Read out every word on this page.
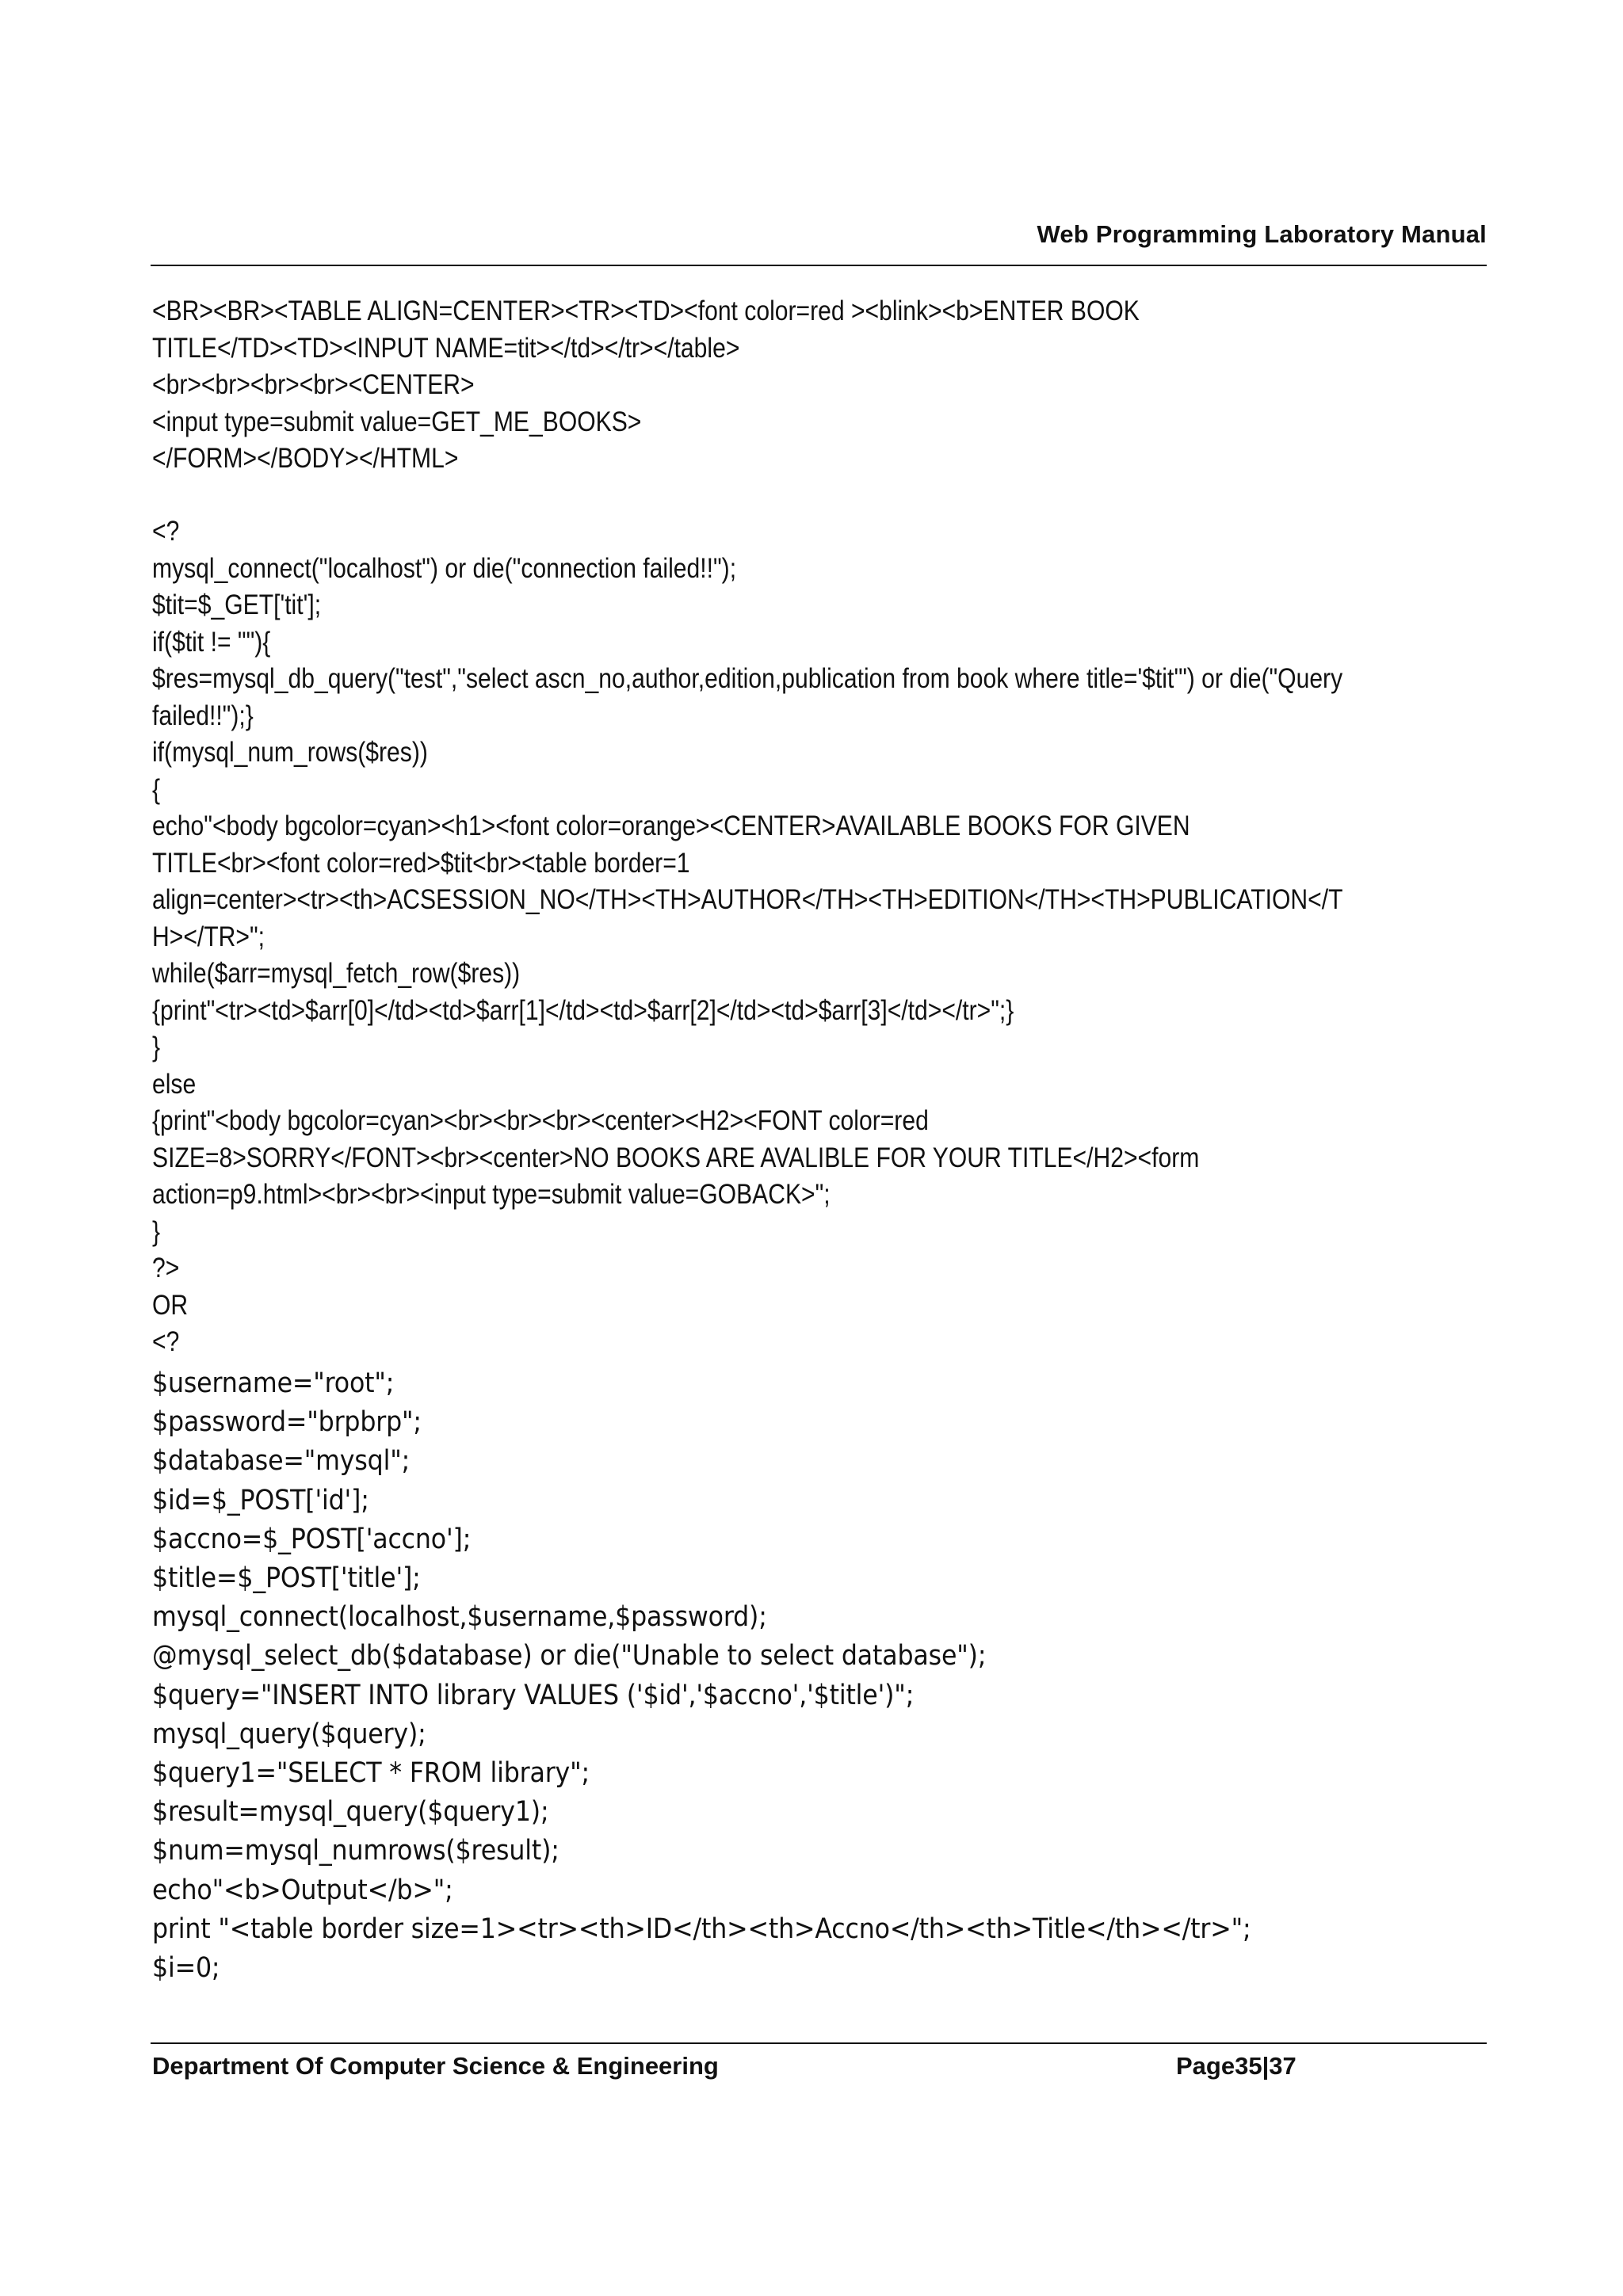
Web Programming Laboratory Manual
<BR><BR><TABLE ALIGN=CENTER><TR><TD><font color=red ><blink><b>ENTER BOOK
TITLE</TD><TD><INPUT NAME=tit></td></tr></table>
<br><br><br><br><CENTER>
<input type=submit value=GET_ME_BOOKS>
</FORM></BODY></HTML>
<?
mysql_connect("localhost") or die("connection failed!!");
$tit=$_GET['tit'];
if($tit != ""){
$res=mysql_db_query("test","select ascn_no,author,edition,publication from book where title='$tit'") or die("Query
failed!!");}
if(mysql_num_rows($res))
{
echo"<body bgcolor=cyan><h1><font color=orange><CENTER>AVAILABLE BOOKS FOR GIVEN
TITLE<br><font color=red>$tit<br><table border=1
align=center><tr><th>ACSESSION_NO</TH><TH>AUTHOR</TH><TH>EDITION</TH><TH>PUBLICATION</T
H></TR>";
while($arr=mysql_fetch_row($res))
{print"<tr><td>$arr[0]</td><td>$arr[1]</td><td>$arr[2]</td><td>$arr[3]</td></tr>";}
}
else
{print"<body bgcolor=cyan><br><br><br><center><H2><FONT color=red
SIZE=8>SORRY</FONT><br><center>NO BOOKS ARE AVALIBLE FOR YOUR TITLE</H2><form
action=p9.html><br><br><input type=submit value=GOBACK>";
}
?>
OR
<?
$username="root";
$password="brpbrp";
$database="mysql";
$id=$_POST['id'];
$accno=$_POST['accno'];
$title=$_POST['title'];
mysql_connect(localhost,$username,$password);
@mysql_select_db($database) or die("Unable to select database");
$query="INSERT INTO library VALUES ('$id','$accno','$title')";
mysql_query($query);
$query1="SELECT * FROM library";
$result=mysql_query($query1);
$num=mysql_numrows($result);
echo"<b>Output</b>";
print "<table border size=1><tr><th>ID</th><th>Accno</th><th>Title</th></tr>";
$i=0;
Department Of Computer Science & Engineering	Page35|37
